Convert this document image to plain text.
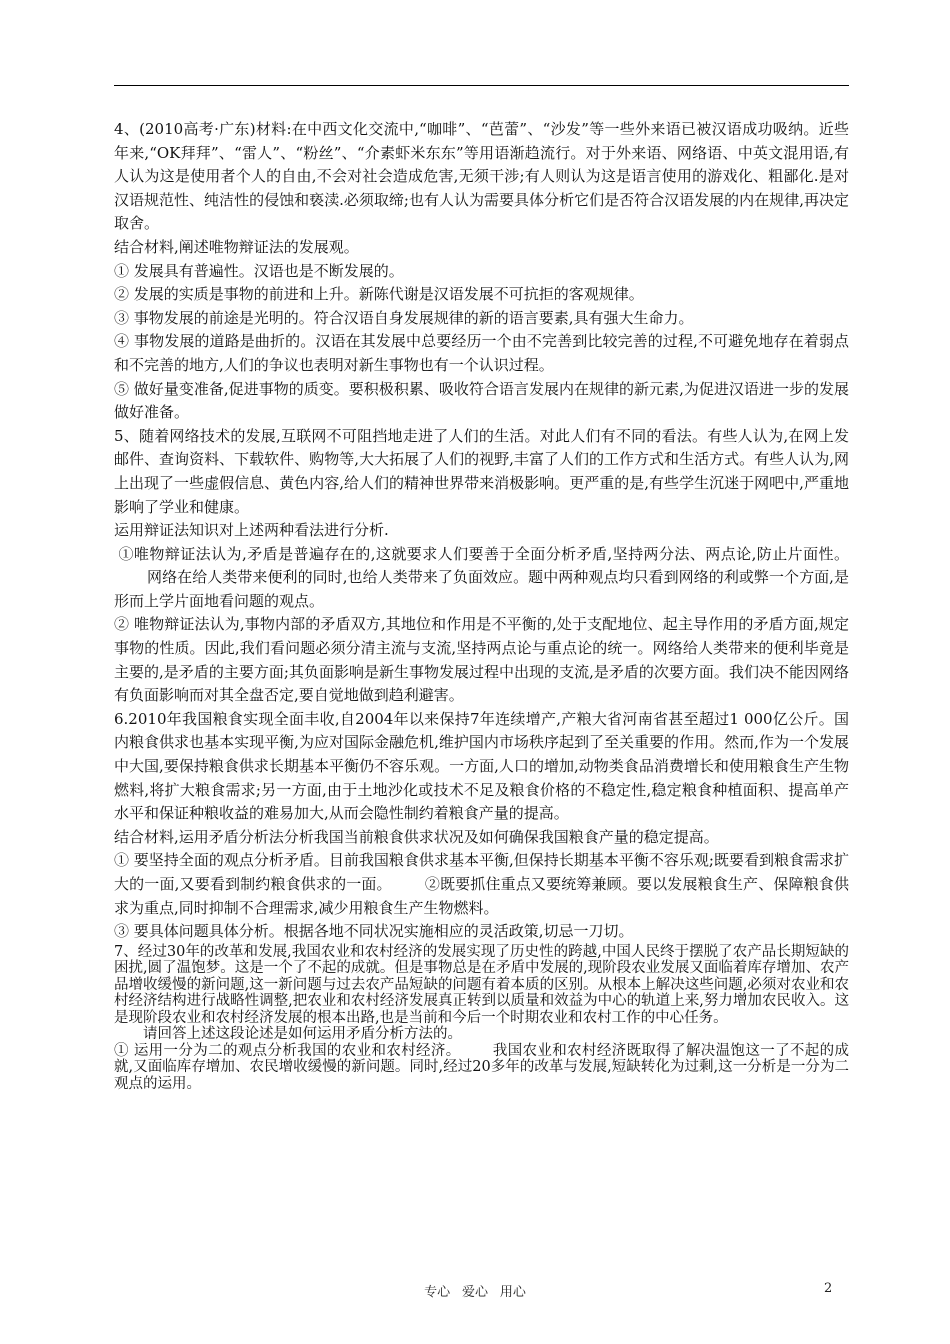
4、(2010高考·广东)材料:在中西文化交流中,“咖啡”、“芭蕾”、“沙发”等一些外来语已被汉语成功吸纳。近些年来,“OK拜拜”、“雷人”、“粉丝”、“介素虾米东东”等用语渐趋流行。对于外来语、网络语、中英文混用语,有人认为这是使用者个人的自由,不会对社会造成危害,无须干涉;有人则认为这是语言使用的游戏化、粗鄙化.是对汉语规范性、纯洁性的侵蚀和亵渎.必须取缔;也有人认为需要具体分析它们是否符合汉语发展的内在规律,再决定取舍。

结合材料,阐述唯物辩证法的发展观。

① 发展具有普遍性。汉语也是不断发展的。

② 发展的实质是事物的前进和上升。新陈代谢是汉语发展不可抗拒的客观规律。

③ 事物发展的前途是光明的。符合汉语自身发展规律的新的语言要素,具有强大生命力。

④ 事物发展的道路是曲折的。汉语在其发展中总要经历一个由不完善到比较完善的过程,不可避免地存在着弱点和不完善的地方,人们的争议也表明对新生事物也有一个认识过程。

⑤ 做好量变准备,促进事物的质变。要积极积累、吸收符合语言发展内在规律的新元素,为促进汉语进一步的发展做好准备。

5、随着网络技术的发展,互联网不可阻挡地走进了人们的生活。对此人们有不同的看法。有些人认为,在网上发邮件、查询资料、下载软件、购物等,大大拓展了人们的视野,丰富了人们的工作方式和生活方式。有些人认为,网上出现了一些虚假信息、黄色内容,给人们的精神世界带来消极影响。更严重的是,有些学生沉迷于网吧中,严重地影响了学业和健康。

运用辩证法知识对上述两种看法进行分析.

①唯物辩证法认为,矛盾是普遍存在的,这就要求人们要善于全面分析矛盾,坚持两分法、两点论,防止片面性。网络在给人类带来便利的同时,也给人类带来了负面效应。题中两种观点均只看到网络的利或弊一个方面,是形而上学片面地看问题的观点。

② 唯物辩证法认为,事物内部的矛盾双方,其地位和作用是不平衡的,处于支配地位、起主导作用的矛盾方面,规定事物的性质。因此,我们看问题必须分清主流与支流,坚持两点论与重点论的统一。网络给人类带来的便利毕竟是主要的,是矛盾的主要方面;其负面影响是新生事物发展过程中出现的支流,是矛盾的次要方面。我们决不能因网络有负面影响而对其全盘否定,要自觉地做到趋利避害。

6.2010年我国粮食实现全面丰收,自2004年以来保持7年连续增产,产粮大省河南省甚至超过1 000亿公斤。国内粮食供求也基本实现平衡,为应对国际金融危机,维护国内市场秩序起到了至关重要的作用。然而,作为一个发展中大国,要保持粮食供求长期基本平衡仍不容乐观。一方面,人口的增加,动物类食品消费增长和使用粮食生产生物燃料,将扩大粮食需求;另一方面,由于土地沙化或技术不足及粮食价格的不稳定性,稳定粮食种植面积、提高单产水平和保证种粮收益的难易加大,从而会隐性制约着粮食产量的提高。

结合材料,运用矛盾分析法分析我国当前粮食供求状况及如何确保我国粮食产量的稳定提高。

① 要坚持全面的观点分析矛盾。目前我国粮食供求基本平衡,但保持长期基本平衡不容乐观;既要看到粮食需求扩大的一面,又要看到制约粮食供求的一面。 ②既要抓住重点又要统筹兼顾。要以发展粮食生产、保障粮食供求为重点,同时抑制不合理需求,减少用粮食生产生物燃料。

③ 要具体问题具体分析。根据各地不同状况实施相应的灵活政策,切忌一刀切。

7、经过30年的改革和发展,我国农业和农村经济的发展实现了历史性的跨越,中国人民终于摆脱了农产品长期短缺的困扰,圆了温饱梦。这是一个了不起的成就。但是事物总是在矛盾中发展的,现阶段农业发展又面临着库存增加、农产品增收缓慢的新问题,这一新问题与过去农产品短缺的问题有着本质的区别。从根本上解决这些问题,必须对农业和农村经济结构进行战略性调整,把农业和农村经济发展真正转到以质量和效益为中心的轨道上来,努力增加农民收入。这是现阶段农业和农村经济发展的根本出路,也是当前和今后一个时期农业和农村工作的中心任务。

请回答上述这段论述是如何运用矛盾分析方法的。

① 运用一分为二的观点分析我国的农业和农村经济。 我国农业和农村经济既取得了解决温饱这一了不起的成就,又面临库存增加、农民增收缓慢的新问题。同时,经过20多年的改革与发展,短缺转化为过剩,这一分析是一分为二观点的运用。

专心 爱心 用心	2
